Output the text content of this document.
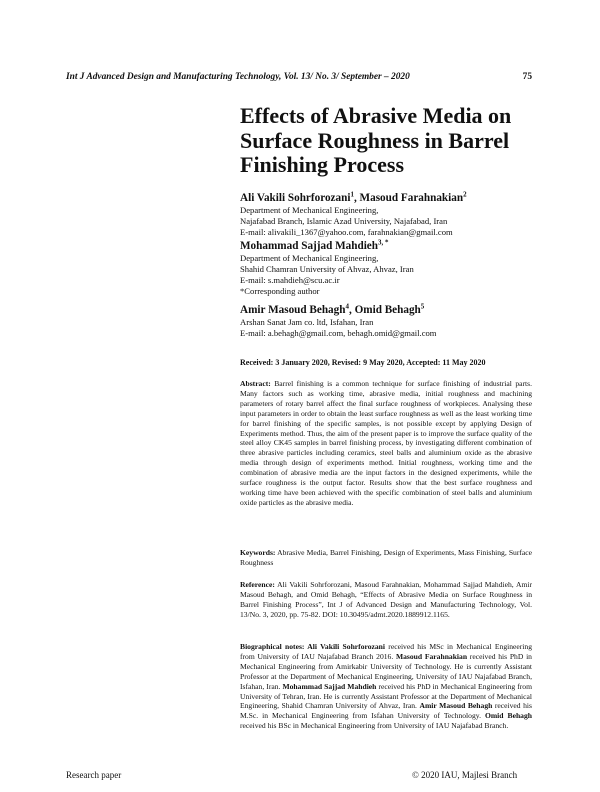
Int J Advanced Design and Manufacturing Technology, Vol. 13/ No. 3/ September – 2020	75
Effects of Abrasive Media on Surface Roughness in Barrel Finishing Process
Ali Vakili Sohrforozani$^1$, Masoud Farahnakian$^2$
Department of Mechanical Engineering,
Najafabad Branch, Islamic Azad University, Najafabad, Iran
E-mail: alivakili_1367@yahoo.com, farahnakian@gmail.com
Mohammad Sajjad Mahdieh$^{3, *}$
Department of Mechanical Engineering,
Shahid Chamran University of Ahvaz, Ahvaz, Iran
E-mail: s.mahdieh@scu.ac.ir
*Corresponding author
Amir Masoud Behagh$^4$, Omid Behagh$^5$
Arshan Sanat Jam co. ltd, Isfahan, Iran
E-mail: a.behagh@gmail.com, behagh.omid@gmail.com
Received: 3 January 2020, Revised: 9 May 2020, Accepted: 11 May 2020
Abstract: Barrel finishing is a common technique for surface finishing of industrial parts. Many factors such as working time, abrasive media, initial roughness and machining parameters of rotary barrel affect the final surface roughness of workpieces. Analysing these input parameters in order to obtain the least surface roughness as well as the least working time for barrel finishing of the specific samples, is not possible except by applying Design of Experiments method. Thus, the aim of the present paper is to improve the surface quality of the steel alloy CK45 samples in barrel finishing process, by investigating different combination of three abrasive particles including ceramics, steel balls and aluminium oxide as the abrasive media through design of experiments method. Initial roughness, working time and the combination of abrasive media are the input factors in the designed experiments, while the surface roughness is the output factor. Results show that the best surface roughness and working time have been achieved with the specific combination of steel balls and aluminium oxide particles as the abrasive media.
Keywords: Abrasive Media, Barrel Finishing, Design of Experiments, Mass Finishing, Surface Roughness
Reference: Ali Vakili Sohrforozani, Masoud Farahnakian, Mohammad Sajjad Mahdieh, Amir Masoud Behagh, and Omid Behagh, “Effects of Abrasive Media on Surface Roughness in Barrel Finishing Process”, Int J of Advanced Design and Manufacturing Technology, Vol. 13/No. 3, 2020, pp. 75-82. DOI: 10.30495/admt.2020.1889912.1165.
Biographical notes: Ali Vakili Sohrforozani received his MSc in Mechanical Engineering from University of IAU Najafabad Branch 2016. Masoud Farahnakian received his PhD in Mechanical Engineering from Amirkabir University of Technology. He is currently Assistant Professor at the Department of Mechanical Engineering, University of IAU Najafabad Branch, Isfahan, Iran. Mohammad Sajjad Mahdieh received his PhD in Mechanical Engineering from University of Tehran, Iran. He is currently Assistant Professor at the Department of Mechanical Engineering, Shahid Chamran University of Ahvaz, Iran. Amir Masoud Behagh received his M.Sc. in Mechanical Engineering from Isfahan University of Technology. Omid Behagh received his BSc in Mechanical Engineering from University of IAU Najafabad Branch.
Research paper	© 2020 IAU, Majlesi Branch
